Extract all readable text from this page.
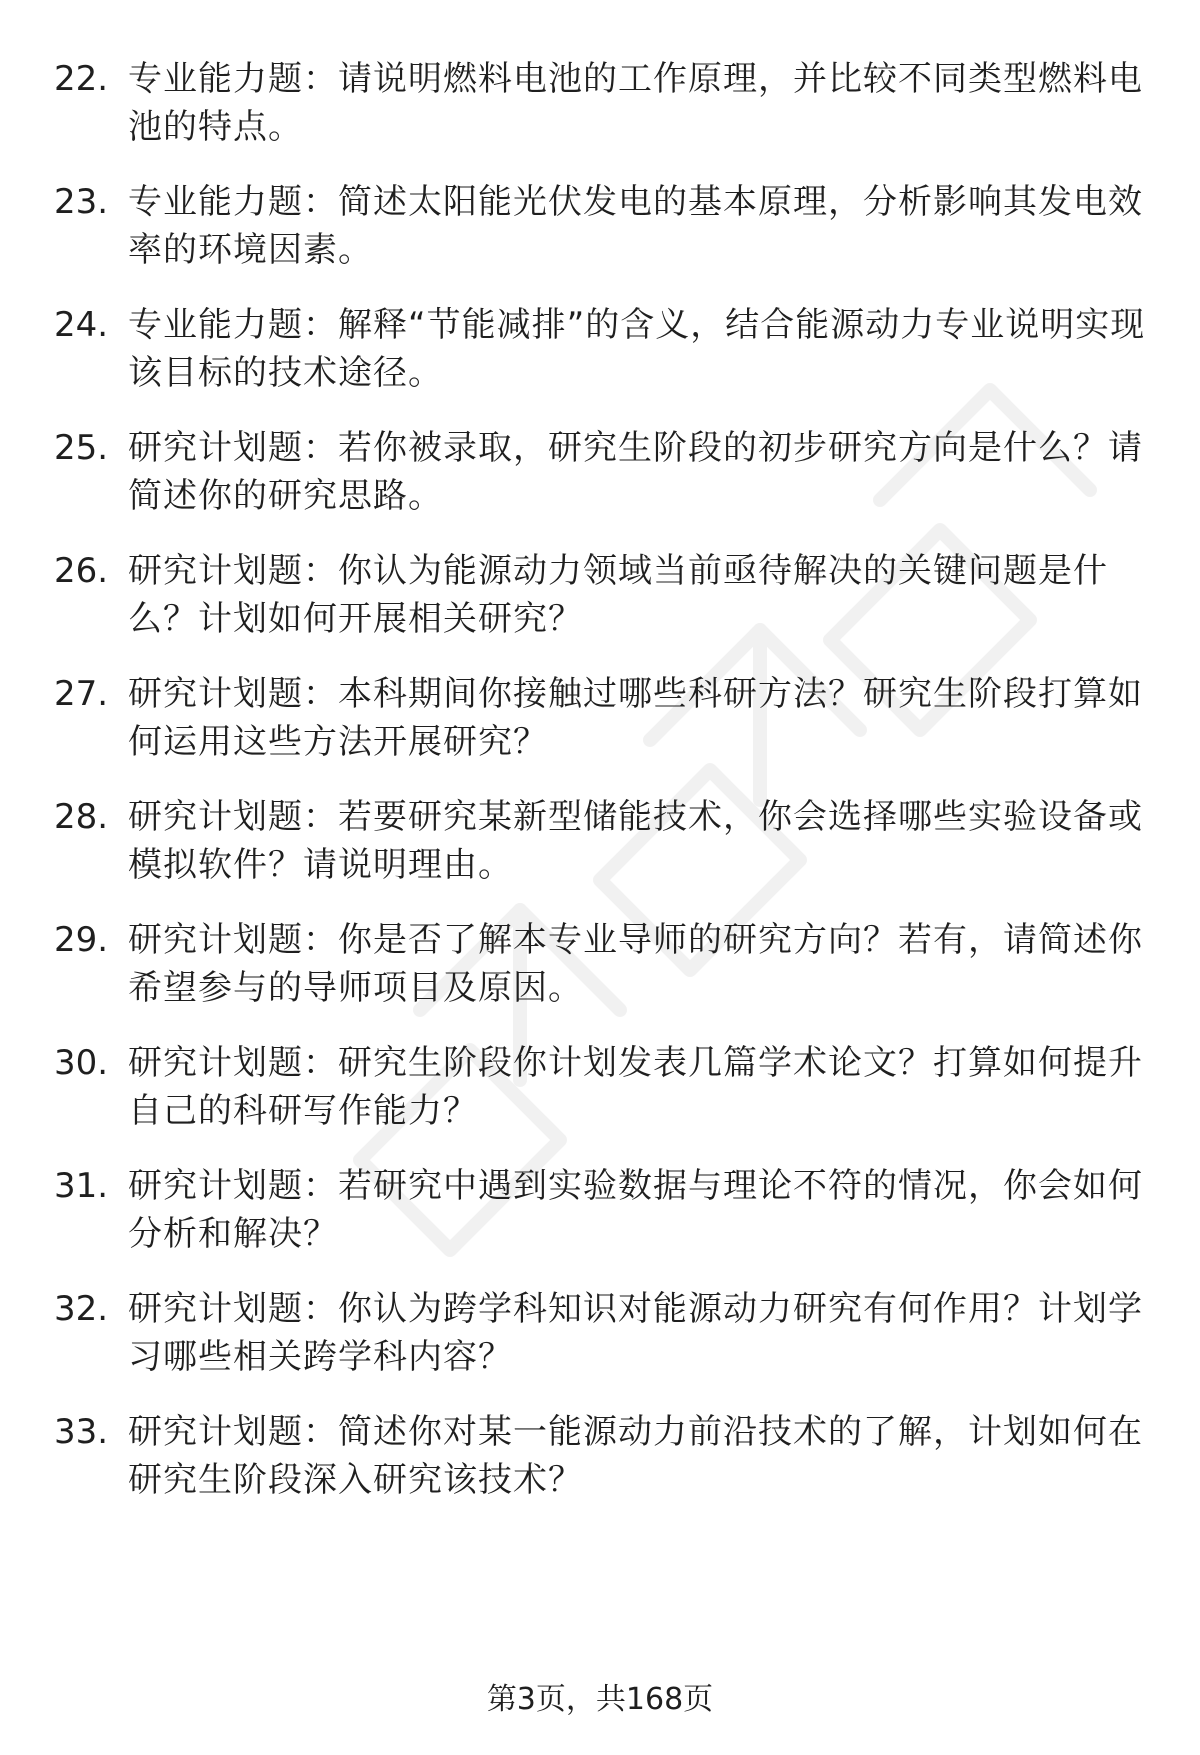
22. 专业能力题：请说明燃料电池的工作原理，并比较不同类型燃料电池的特点。
23. 专业能力题：简述太阳能光伏发电的基本原理，分析影响其发电效率的环境因素。
24. 专业能力题：解释“节能减排”的含义，结合能源动力专业说明实现该目标的技术途径。
25. 研究计划题：若你被录取，研究生阶段的初步研究方向是什么？请简述你的研究思路。
26. 研究计划题：你认为能源动力领域当前亟待解决的关键问题是什么？计划如何开展相关研究？
27. 研究计划题：本科期间你接触过哪些科研方法？研究生阶段打算如何运用这些方法开展研究？
28. 研究计划题：若要研究某新型储能技术，你会选择哪些实验设备或模拟软件？请说明理由。
29. 研究计划题：你是否了解本专业导师的研究方向？若有，请简述你希望参与的导师项目及原因。
30. 研究计划题：研究生阶段你计划发表几篇学术论文？打算如何提升自己的科研写作能力？
31. 研究计划题：若研究中遇到实验数据与理论不符的情况，你会如何分析和解决？
32. 研究计划题：你认为跨学科知识对能源动力研究有何作用？计划学习哪些相关跨学科内容？
33. 研究计划题：简述你对某一能源动力前沿技术的了解，计划如何在研究生阶段深入研究该技术？
第3页，共168页
